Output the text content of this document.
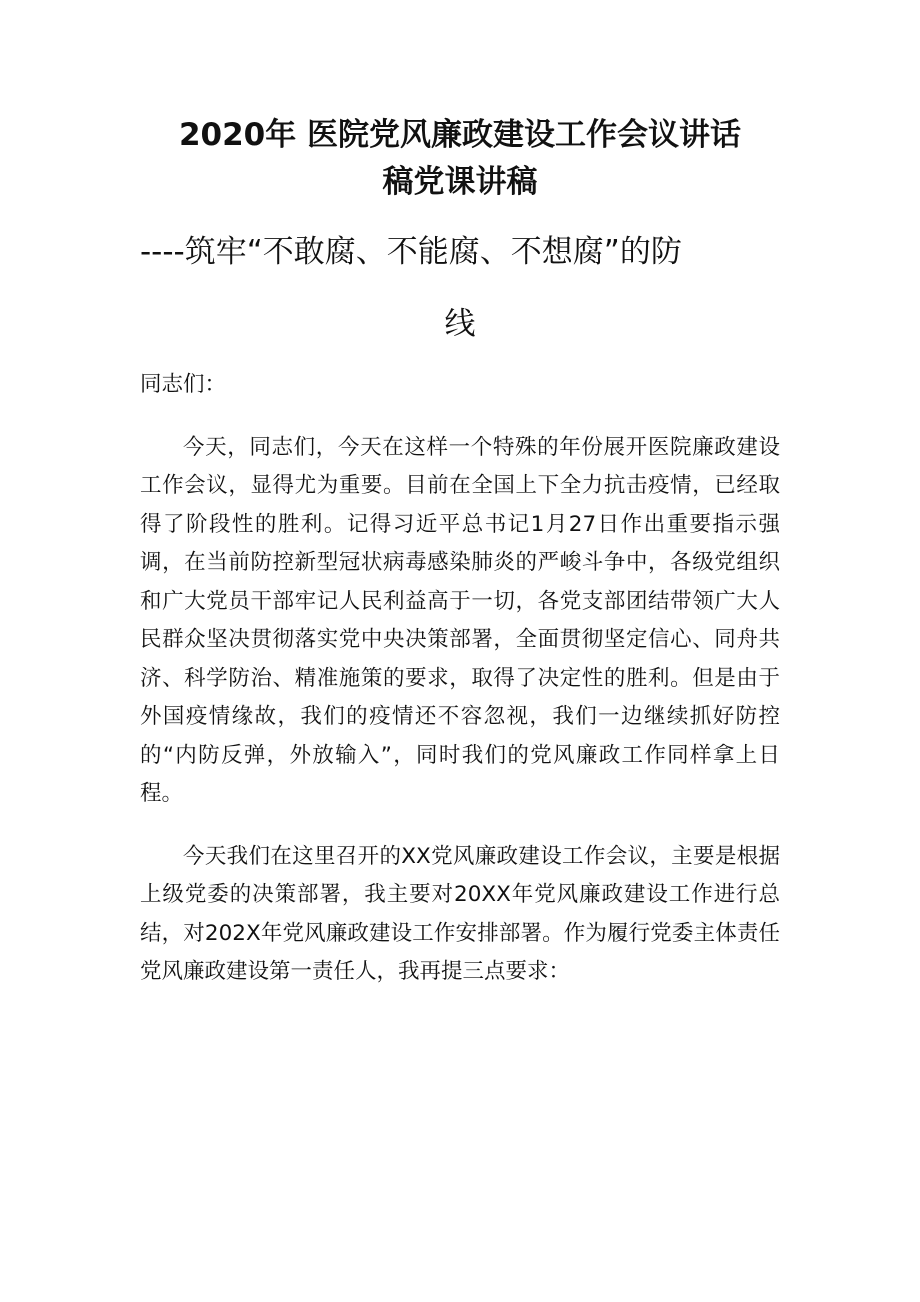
2020年 医院党风廉政建设工作会议讲话
稿党课讲稿
----筑牢“不敢腐、不能腐、不想腐”的防
线

同志们：

今天，同志们，今天在这样一个特殊的年份展开医院廉政建设工作会议，显得尤为重要。目前在全国上下全力抗击疫情，已经取得了阶段性的胜利。记得习近平总书记1月27日作出重要指示强调，在当前防控新型冠状病毒感染肺炎的严峻斗争中，各级党组织和广大党员干部牢记人民利益高于一切，各党支部团结带领广大人民群众坚决贯彻落实党中央决策部署，全面贯彻坚定信心、同舟共济、科学防治、精准施策的要求，取得了决定性的胜利。但是由于外国疫情缘故，我们的疫情还不容忽视，我们一边继续抓好防控的“内防反弹，外放输入”，同时我们的党风廉政工作同样拿上日程。

今天我们在这里召开的XX党风廉政建设工作会议，主要是根据上级党委的决策部署，我主要对20XX年党风廉政建设工作进行总结，对202X年党风廉政建设工作安排部署。作为履行党委主体责任党风廉政建设第一责任人，我再提三点要求：
